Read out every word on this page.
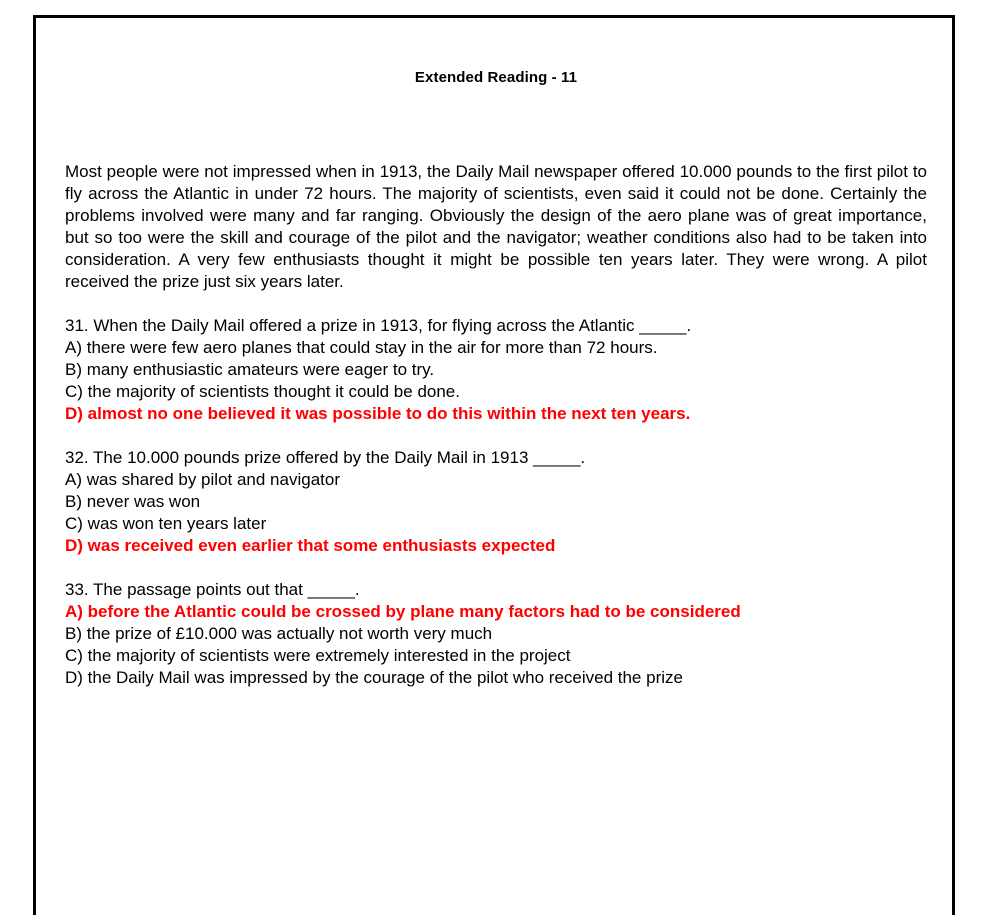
Extended Reading - 11

Most people were not impressed when in 1913, the Daily Mail newspaper offered 10.000 pounds to the first pilot to fly across the Atlantic in under 72 hours. The majority of scientists, even said it could not be done. Certainly the problems involved were many and far ranging. Obviously the design of the aero plane was of great importance, but so too were the skill and courage of the pilot and the navigator; weather conditions also had to be taken into consideration. A very few enthusiasts thought it might be possible ten years later. They were wrong. A pilot received the prize just six years later.

31. When the Daily Mail offered a prize in 1913, for flying across the Atlantic _____.
A) there were few aero planes that could stay in the air for more than 72 hours.
B) many enthusiastic amateurs were eager to try.
C) the majority of scientists thought it could be done.
D) almost no one believed it was possible to do this within the next ten years.
32. The 10.000 pounds prize offered by the Daily Mail in 1913 _____.
A) was shared by pilot and navigator
B) never was won
C) was won ten years later
D) was received even earlier that some enthusiasts expected
33. The passage points out that _____.
A) before the Atlantic could be crossed by plane many factors had to be considered
B) the prize of £10.000 was actually not worth very much
C) the majority of scientists were extremely interested in the project
D) the Daily Mail was impressed by the courage of the pilot who received the prize
